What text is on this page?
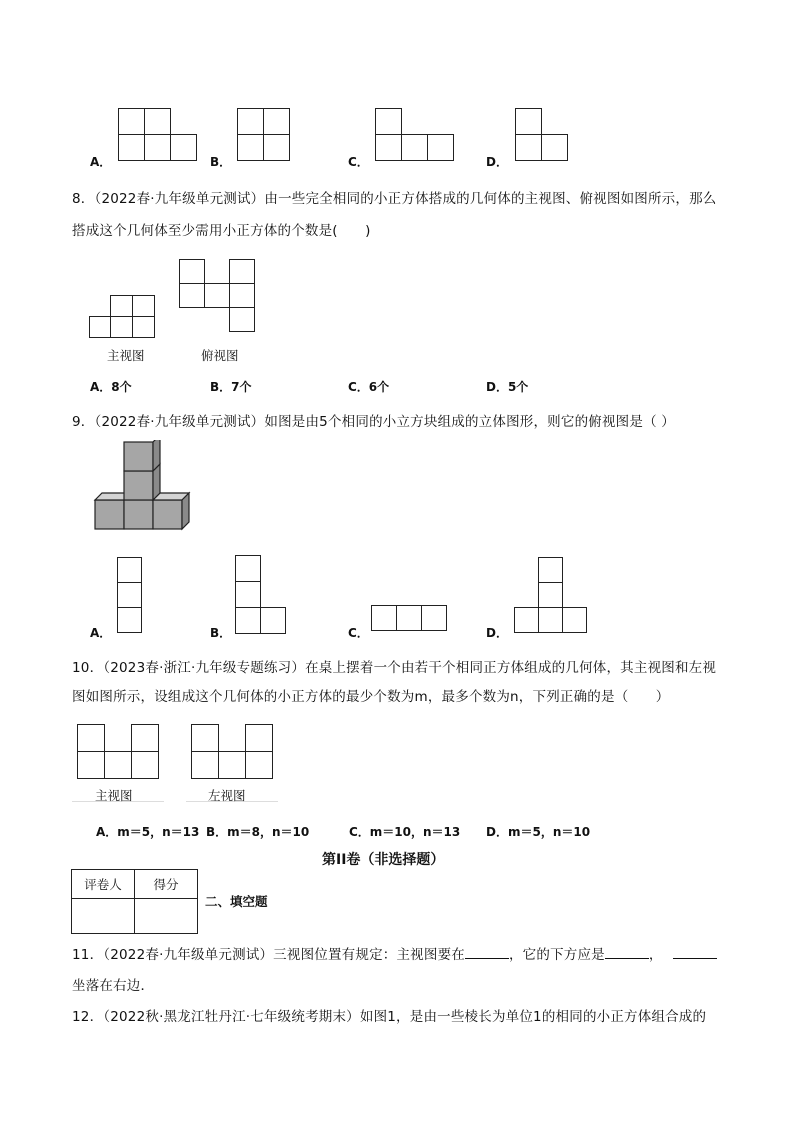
A．	B．	C．	D．
8．（2022春·九年级单元测试）由一些完全相同的小正方体搭成的几何体的主视图、俯视图如图所示，那么
搭成这个几何体至少需用小正方体的个数是(　　)
主视图	俯视图
A．8个	B．7个	C．6个	D．5个
9．（2022春·九年级单元测试）如图是由5个相同的小立方块组成的立体图形，则它的俯视图是（ ）
A．	B．	C．	D．
10．（2023春·浙江·九年级专题练习）在桌上摆着一个由若干个相同正方体组成的几何体，其主视图和左视
图如图所示，设组成这个几何体的小正方体的最少个数为m，最多个数为n，下列正确的是（　　）
主视图	左视图
A．m＝5，n＝13 B．m＝8，n＝10	C．m＝10，n＝13 D．m＝5，n＝10
第II卷（非选择题）
评卷人	得分

二、填空题
11．（2022春·九年级单元测试）三视图位置有规定：主视图要在	，它的下方应是	，
坐落在右边．
12．（2022秋·黑龙江牡丹江·七年级统考期末）如图1，是由一些棱长为单位1的相同的小正方体组合成的
